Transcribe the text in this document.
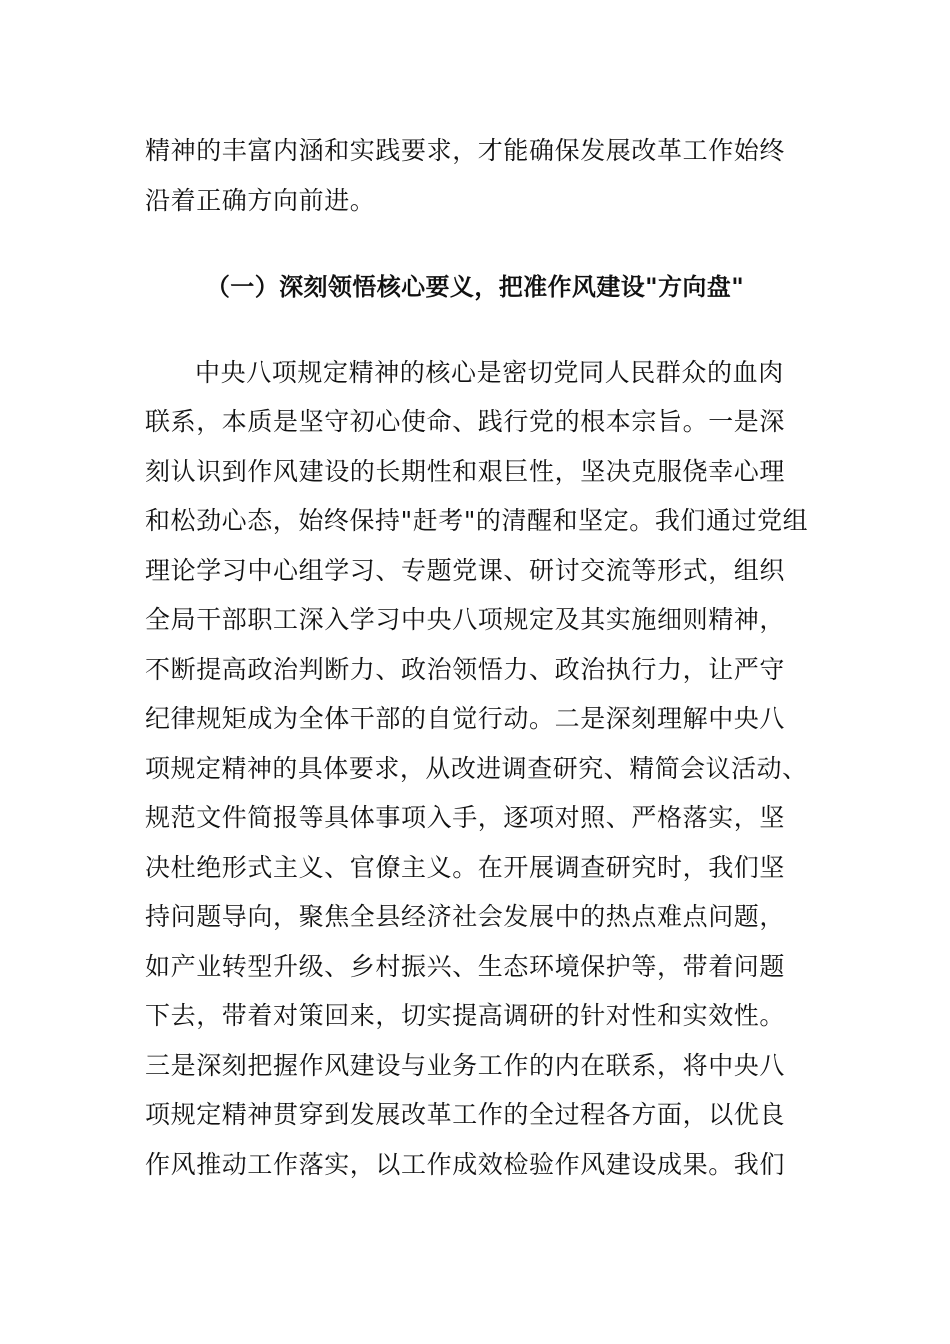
精神的丰富内涵和实践要求，才能确保发展改革工作始终
沿着正确方向前进。
（一）深刻领悟核心要义，把准作风建设"方向盘"
中央八项规定精神的核心是密切党同人民群众的血肉
联系，本质是坚守初心使命、践行党的根本宗旨。一是深
刻认识到作风建设的长期性和艰巨性，坚决克服侥幸心理
和松劲心态，始终保持"赶考"的清醒和坚定。我们通过党组
理论学习中心组学习、专题党课、研讨交流等形式，组织
全局干部职工深入学习中央八项规定及其实施细则精神，
不断提高政治判断力、政治领悟力、政治执行力，让严守
纪律规矩成为全体干部的自觉行动。二是深刻理解中央八
项规定精神的具体要求，从改进调查研究、精简会议活动、
规范文件简报等具体事项入手，逐项对照、严格落实，坚
决杜绝形式主义、官僚主义。在开展调查研究时，我们坚
持问题导向，聚焦全县经济社会发展中的热点难点问题，
如产业转型升级、乡村振兴、生态环境保护等，带着问题
下去，带着对策回来，切实提高调研的针对性和实效性。
三是深刻把握作风建设与业务工作的内在联系，将中央八
项规定精神贯穿到发展改革工作的全过程各方面，以优良
作风推动工作落实，以工作成效检验作风建设成果。我们
